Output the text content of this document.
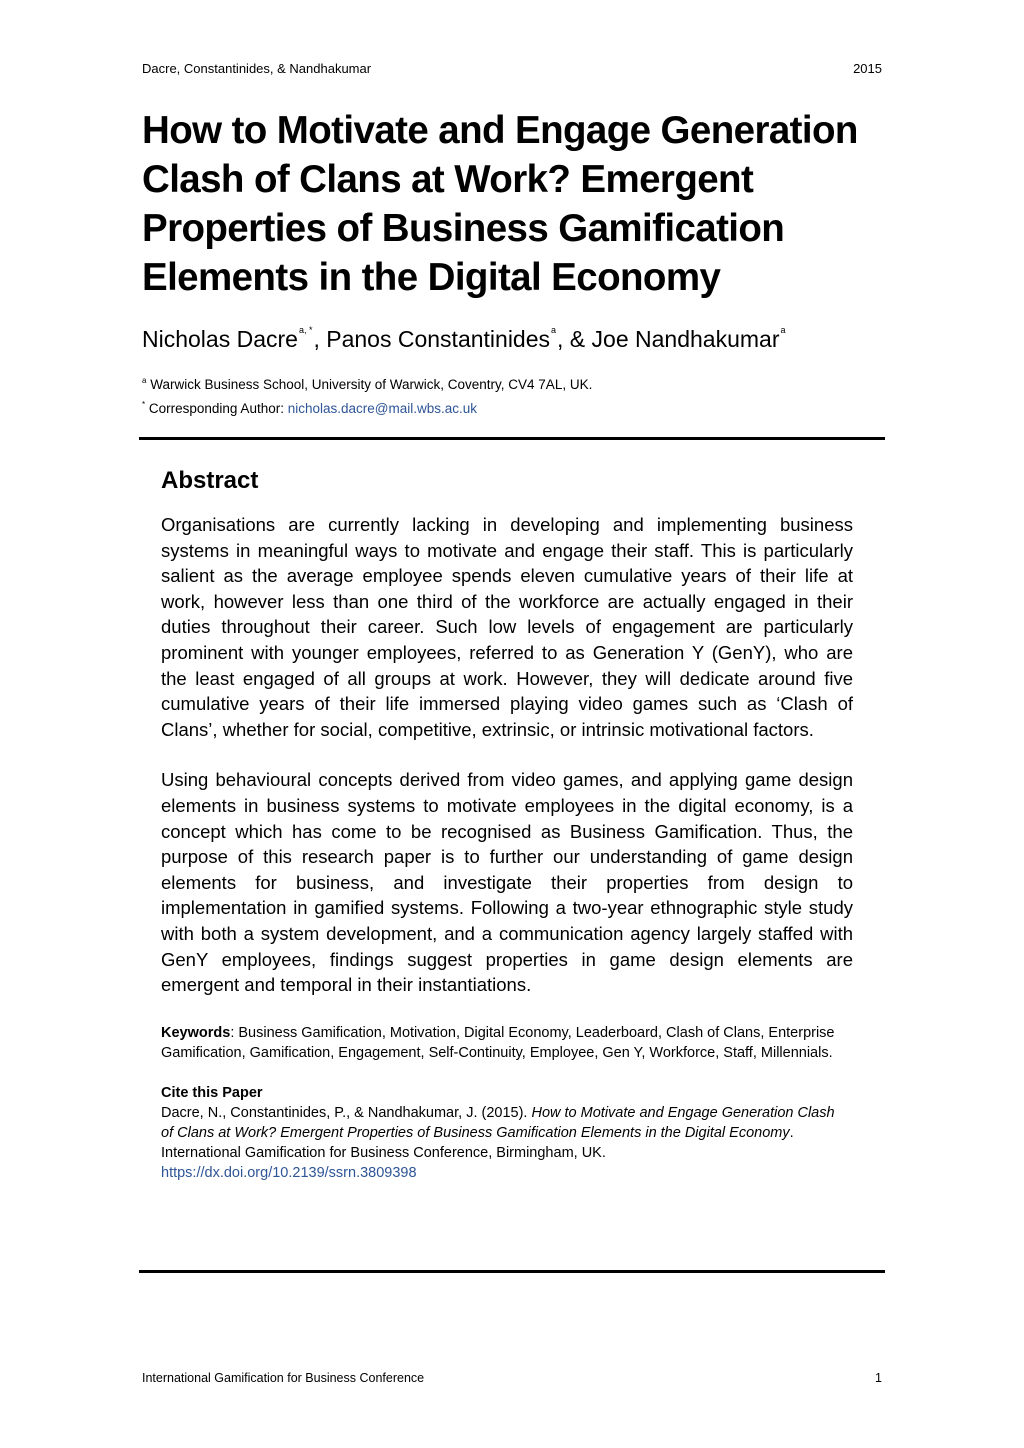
Dacre, Constantinides, & Nandhakumar	2015
How to Motivate and Engage Generation Clash of Clans at Work? Emergent Properties of Business Gamification Elements in the Digital Economy
Nicholas Dacre$^{a, *}$, Panos Constantinides$^a$, & Joe Nandhakumar$^a$
$^a$ Warwick Business School, University of Warwick, Coventry, CV4 7AL, UK.
* Corresponding Author: nicholas.dacre@mail.wbs.ac.uk
Abstract

Organisations are currently lacking in developing and implementing business systems in meaningful ways to motivate and engage their staff. This is particularly salient as the average employee spends eleven cumulative years of their life at work, however less than one third of the workforce are actually engaged in their duties throughout their career. Such low levels of engagement are particularly prominent with younger employees, referred to as Generation Y (GenY), who are the least engaged of all groups at work. However, they will dedicate around five cumulative years of their life immersed playing video games such as ‘Clash of Clans’, whether for social, competitive, extrinsic, or intrinsic motivational factors.

Using behavioural concepts derived from video games, and applying game design elements in business systems to motivate employees in the digital economy, is a concept which has come to be recognised as Business Gamification. Thus, the purpose of this research paper is to further our understanding of game design elements for business, and investigate their properties from design to implementation in gamified systems. Following a two-year ethnographic style study with both a system development, and a communication agency largely staffed with GenY employees, findings suggest properties in game design elements are emergent and temporal in their instantiations.

Keywords: Business Gamification, Motivation, Digital Economy, Leaderboard, Clash of Clans, Enterprise Gamification, Gamification, Engagement, Self-Continuity, Employee, Gen Y, Workforce, Staff, Millennials.

Cite this Paper

Dacre, N., Constantinides, P., & Nandhakumar, J. (2015). How to Motivate and Engage Generation Clash of Clans at Work? Emergent Properties of Business Gamification Elements in the Digital Economy. International Gamification for Business Conference, Birmingham, UK. https://dx.doi.org/10.2139/ssrn.3809398

International Gamification for Business Conference	1
